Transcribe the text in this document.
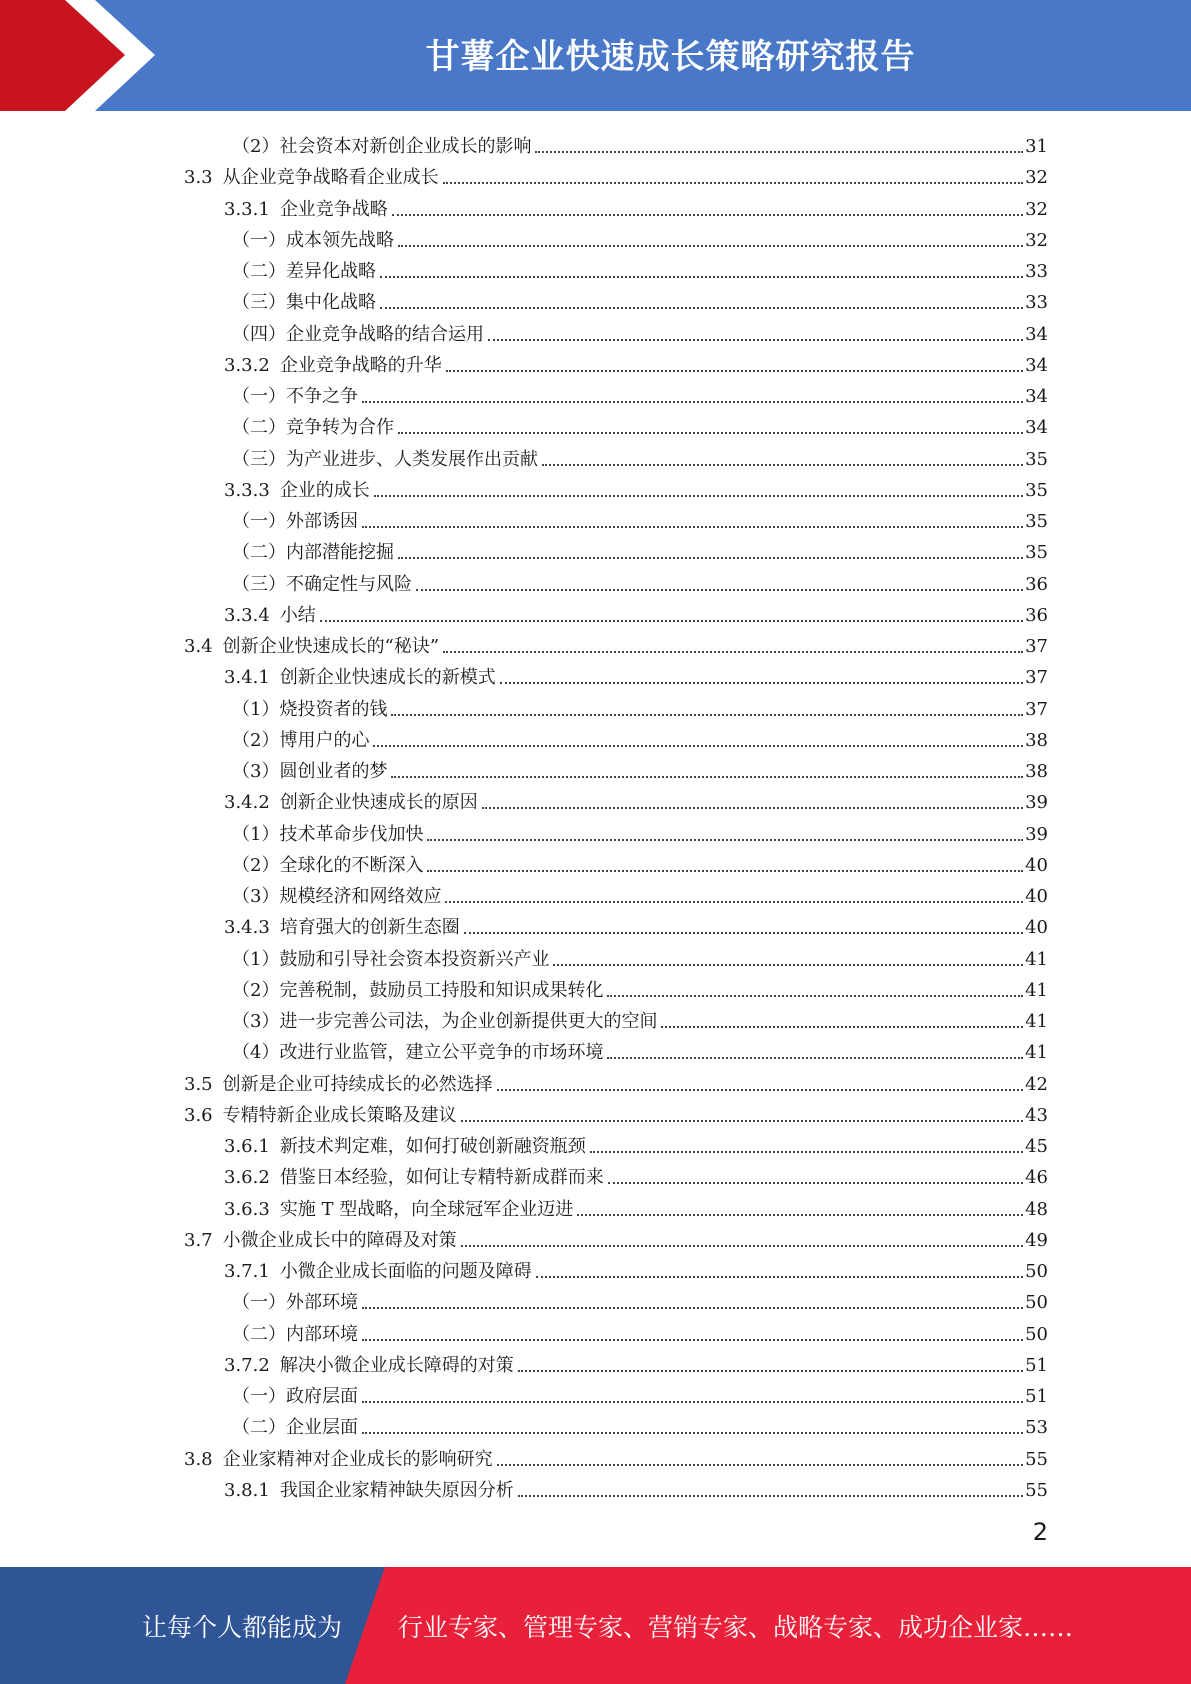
甘薯企业快速成长策略研究报告
（2）社会资本对新创企业成长的影响	31
3.3 从企业竞争战略看企业成长	32
3.3.1 企业竞争战略	32
（一）成本领先战略	32
（二）差异化战略	33
（三）集中化战略	33
（四）企业竞争战略的结合运用	34
3.3.2 企业竞争战略的升华	34
（一）不争之争	34
（二）竞争转为合作	34
（三）为产业进步、人类发展作出贡献	35
3.3.3 企业的成长	35
（一）外部诱因	35
（二）内部潜能挖掘	35
（三）不确定性与风险	36
3.3.4 小结	36
3.4 创新企业快速成长的“秘诀”	37
3.4.1 创新企业快速成长的新模式	37
（1）烧投资者的钱	37
（2）博用户的心	38
（3）圆创业者的梦	38
3.4.2 创新企业快速成长的原因	39
（1）技术革命步伐加快	39
（2）全球化的不断深入	40
（3）规模经济和网络效应	40
3.4.3 培育强大的创新生态圈	40
（1）鼓励和引导社会资本投资新兴产业	41
（2）完善税制，鼓励员工持股和知识成果转化	41
（3）进一步完善公司法，为企业创新提供更大的空间	41
（4）改进行业监管，建立公平竞争的市场环境	41
3.5 创新是企业可持续成长的必然选择	42
3.6 专精特新企业成长策略及建议	43
3.6.1 新技术判定难，如何打破创新融资瓶颈	45
3.6.2 借鉴日本经验，如何让专精特新成群而来	46
3.6.3 实施 T 型战略，向全球冠军企业迈进	48
3.7 小微企业成长中的障碍及对策	49
3.7.1 小微企业成长面临的问题及障碍	50
（一）外部环境	50
（二）内部环境	50
3.7.2 解决小微企业成长障碍的对策	51
（一）政府层面	51
（二）企业层面	53
3.8 企业家精神对企业成长的影响研究	55
3.8.1 我国企业家精神缺失原因分析	55
2
让每个人都能成为 行业专家、管理专家、营销专家、战略专家、成功企业家……
